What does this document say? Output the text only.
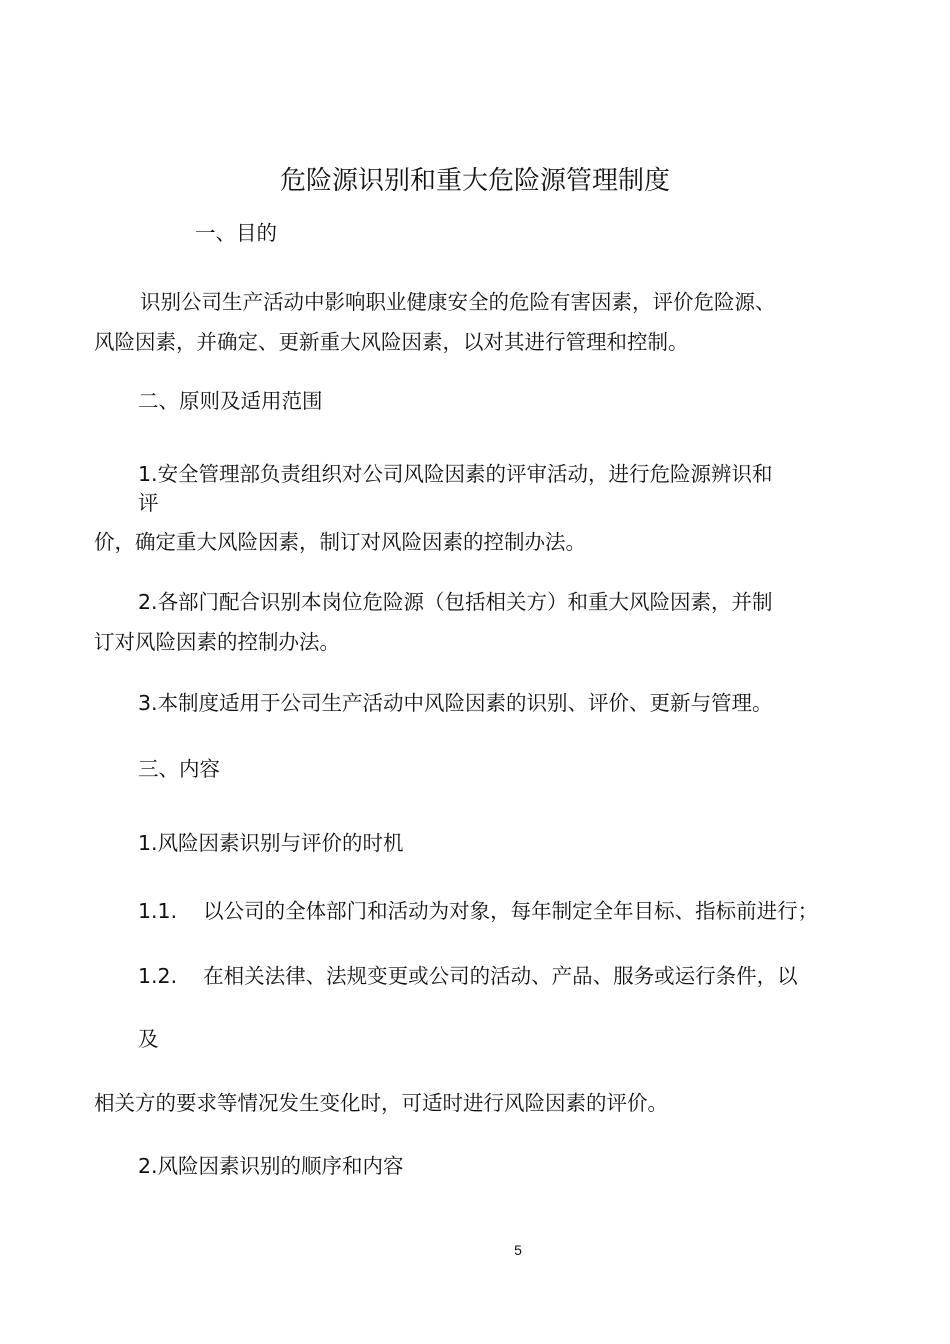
危险源识别和重大危险源管理制度
一、目的
识别公司生产活动中影响职业健康安全的危险有害因素，评价危险源、
风险因素，并确定、更新重大风险因素，以对其进行管理和控制。
二、原则及适用范围
1.安全管理部负责组织对公司风险因素的评审活动，进行危险源辨识和
评
价，确定重大风险因素，制订对风险因素的控制办法。
2.各部门配合识别本岗位危险源（包括相关方）和重大风险因素，并制
订对风险因素的控制办法。
3.本制度适用于公司生产活动中风险因素的识别、评价、更新与管理。
三、内容
1.风险因素识别与评价的时机
1.1. 以公司的全体部门和活动为对象，每年制定全年目标、指标前进行；
1.2. 在相关法律、法规变更或公司的活动、产品、服务或运行条件，以
及
相关方的要求等情况发生变化时，可适时进行风险因素的评价。
2.风险因素识别的顺序和内容
5
